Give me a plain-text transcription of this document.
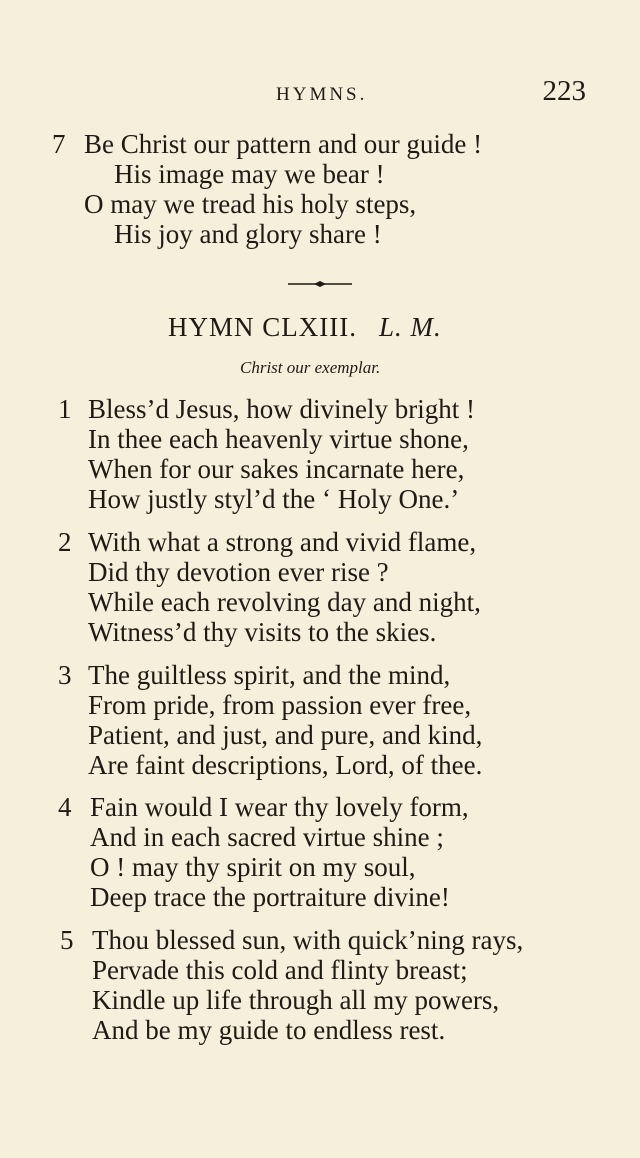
HYMNS.	223
7 Be Christ our pattern and our guide !
His image may we bear !
O may we tread his holy steps,
His joy and glory share !
HYMN CLXIII. L. M.
Christ our exemplar.
1 Bless’d Jesus, how divinely bright !
In thee each heavenly virtue shone,
When for our sakes incarnate here,
How justly styl’d the ‘ Holy One.’
2 With what a strong and vivid flame,
Did thy devotion ever rise ?
While each revolving day and night,
Witness’d thy visits to the skies.
3 The guiltless spirit, and the mind,
From pride, from passion ever free,
Patient, and just, and pure, and kind,
Are faint descriptions, Lord, of thee.
4 Fain would I wear thy lovely form,
And in each sacred virtue shine ;
O ! may thy spirit on my soul,
Deep trace the portraiture divine!
5 Thou blessed sun, with quick’ning rays,
Pervade this cold and flinty breast;
Kindle up life through all my powers,
And be my guide to endless rest.
